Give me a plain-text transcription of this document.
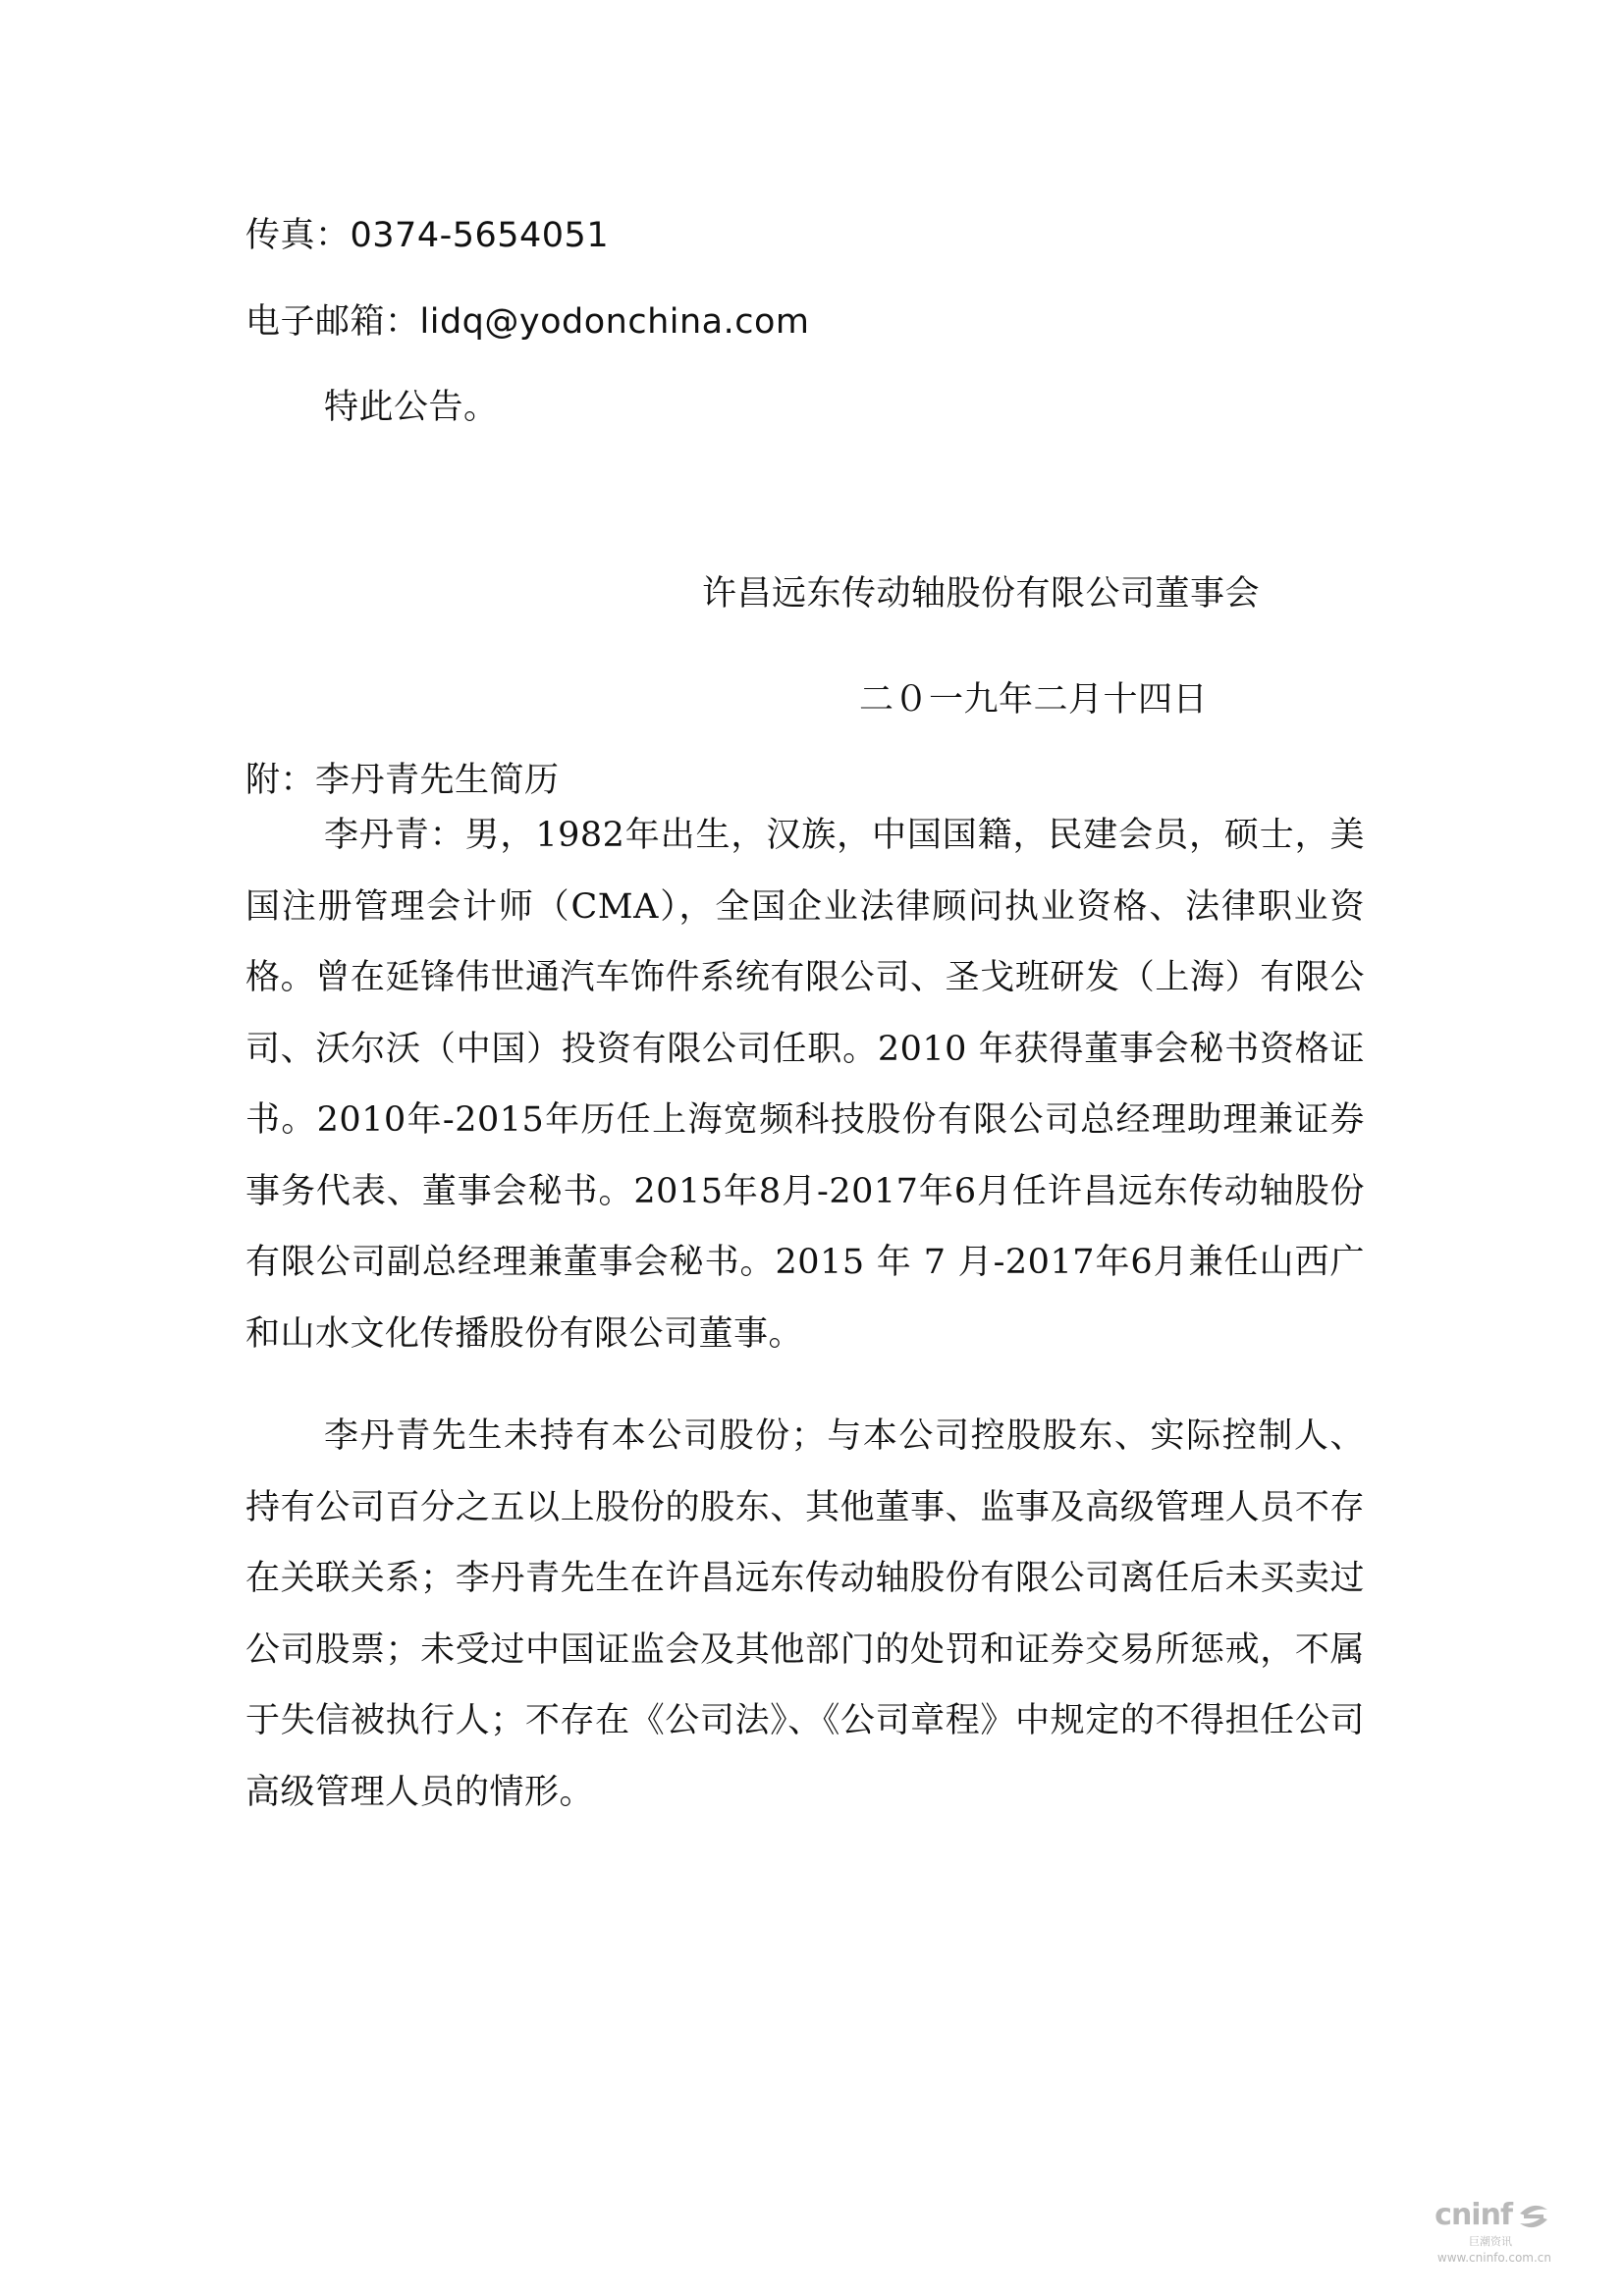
传真：0374-5654051
电子邮箱：lidq@yodonchina.com
特此公告。
许昌远东传动轴股份有限公司董事会
二０一九年二月十四日
附：李丹青先生简历
李丹青：男，1982年出生，汉族，中国国籍，民建会员，硕士，美国注册管理会计师（CMA），全国企业法律顾问执业资格、法律职业资格。曾在延锋伟世通汽车饰件系统有限公司、圣戈班研发（上海）有限公司、沃尔沃（中国）投资有限公司任职。2010 年获得董事会秘书资格证书。2010年-2015年历任上海宽频科技股份有限公司总经理助理兼证券事务代表、董事会秘书。2015年8月-2017年6月任许昌远东传动轴股份有限公司副总经理兼董事会秘书。2015 年 7 月-2017年6月兼任山西广和山水文化传播股份有限公司董事。
李丹青先生未持有本公司股份；与本公司控股股东、实际控制人、持有公司百分之五以上股份的股东、其他董事、监事及高级管理人员不存在关联关系；李丹青先生在许昌远东传动轴股份有限公司离任后未买卖过公司股票；未受过中国证监会及其他部门的处罚和证券交易所惩戒，不属于失信被执行人；不存在《公司法》、《公司章程》中规定的不得担任公司高级管理人员的情形。
cninf
巨潮资讯
www.cninfo.com.cn
